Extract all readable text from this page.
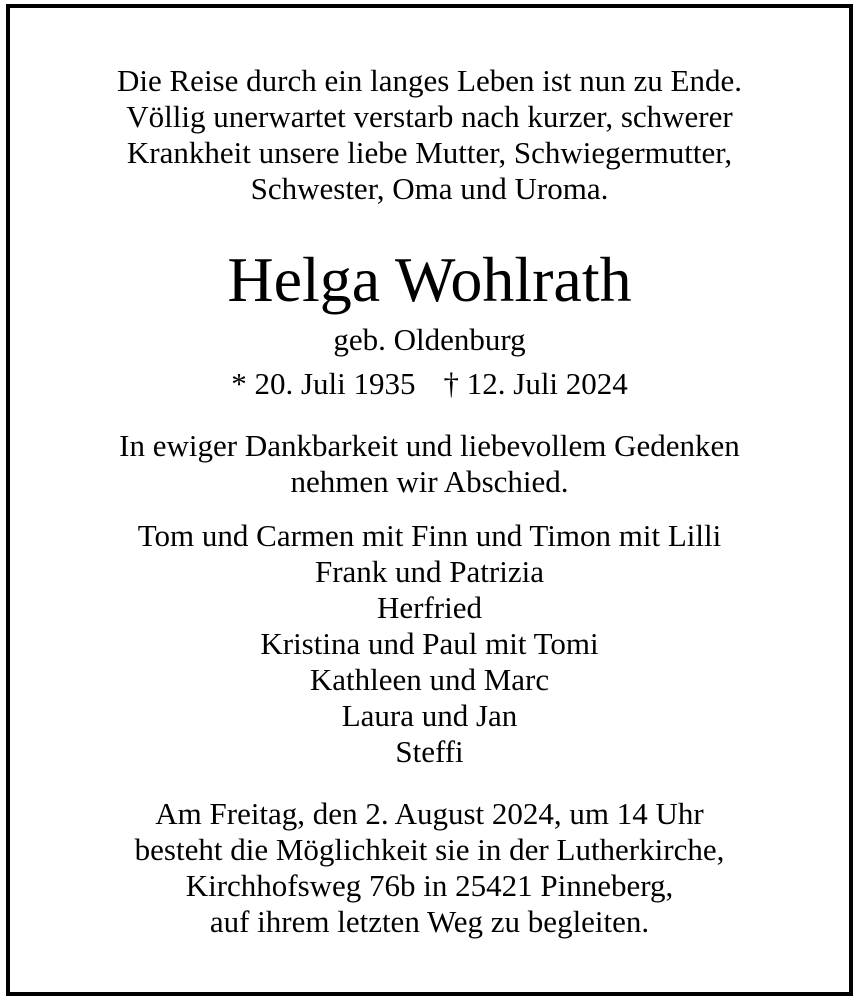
Die Reise durch ein langes Leben ist nun zu Ende.
Völlig unerwartet verstarb nach kurzer, schwerer
Krankheit unsere liebe Mutter, Schwiegermutter,
Schwester, Oma und Uroma.
Helga Wohlrath
geb. Oldenburg
* 20. Juli 1935 † 12. Juli 2024
In ewiger Dankbarkeit und liebevollem Gedenken
nehmen wir Abschied.
Tom und Carmen mit Finn und Timon mit Lilli
Frank und Patrizia
Herfried
Kristina und Paul mit Tomi
Kathleen und Marc
Laura und Jan
Steffi
Am Freitag, den 2. August 2024, um 14 Uhr
besteht die Möglichkeit sie in der Lutherkirche,
Kirchhofsweg 76b in 25421 Pinneberg,
auf ihrem letzten Weg zu begleiten.
